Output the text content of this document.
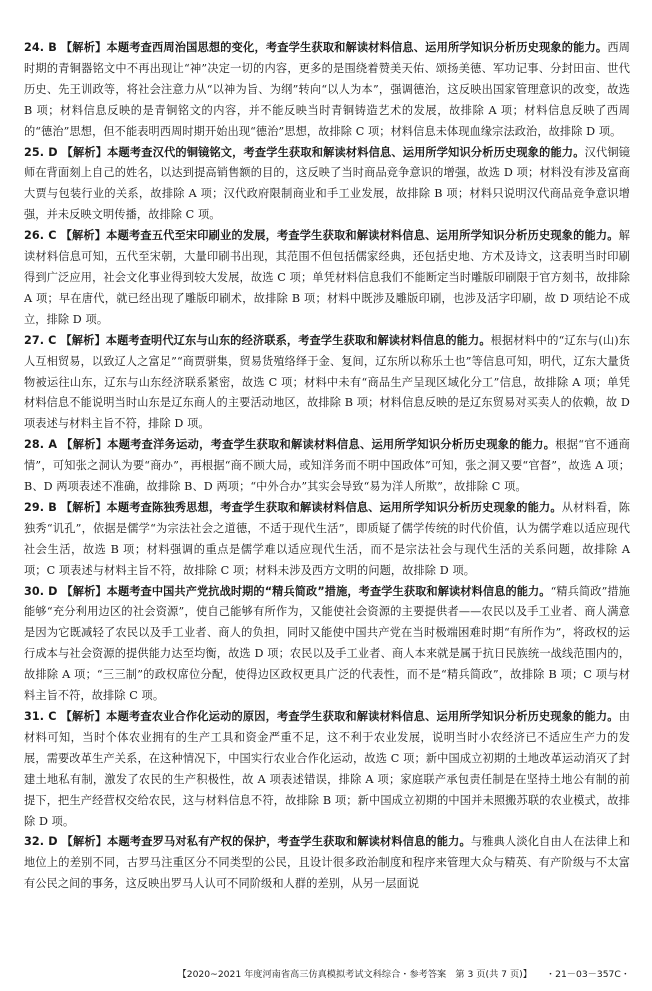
24. B 【解析】本题考查西周治国思想的变化，考查学生获取和解读材料信息、运用所学知识分析历史现象的能力。西周时期的青铜器铭文中不再出现让“神”决定一切的内容，更多的是围绕着赞美天佑、颂扬美德、军功记事、分封田亩、世代历史、先王训政等，将社会注意力从“以神为旨、为纲”转向“以人为本”，强调德治，这反映出国家管理意识的改变，故选 B 项；材料信息反映的是青铜铭文的内容，并不能反映当时青铜铸造艺术的发展，故排除 A 项；材料信息反映了西周的“德治”思想，但不能表明西周时期开始出现“德治”思想，故排除 C 项；材料信息未体现血缘宗法政治，故排除 D 项。
25. D 【解析】本题考查汉代的铜镜铭文，考查学生获取和解读材料信息、运用所学知识分析历史现象的能力。汉代铜镜师在背面刻上自己的姓名，以达到提高销售额的目的，这反映了当时商品竞争意识的增强，故选 D 项；材料没有涉及富商大贾与包装行业的关系，故排除 A 项；汉代政府限制商业和手工业发展，故排除 B 项；材料只说明汉代商品竞争意识增强，并未反映文明传播，故排除 C 项。
26. C 【解析】本题考查五代至宋印刷业的发展，考查学生获取和解读材料信息、运用所学知识分析历史现象的能力。解读材料信息可知，五代至宋朝，大量印刷书出现，其范围不但包括儒家经典，还包括史地、方术及诗文，这表明当时印刷得到广泛应用，社会文化事业得到较大发展，故选 C 项；单凭材料信息我们不能断定当时雕版印刷限于官方刻书，故排除 A 项；早在唐代，就已经出现了雕版印刷术，故排除 B 项；材料中既涉及雕版印刷，也涉及活字印刷，故 D 项结论不成立，排除 D 项。
27. C 【解析】本题考查明代辽东与山东的经济联系，考查学生获取和解读材料信息的能力。根据材料中的“辽东与(山)东人互相贸易，以致辽人之富足”“商贾骈集，贸易货殖络绎于金、复间，辽东所以称乐土也”等信息可知，明代，辽东大量货物被运往山东，辽东与山东经济联系紧密，故选 C 项；材料中未有“商品生产呈现区域化分工”信息，故排除 A 项；单凭材料信息不能说明当时山东是辽东商人的主要活动地区，故排除 B 项；材料信息反映的是辽东贸易对买卖人的依赖，故 D 项表述与材料主旨不符，排除 D 项。
28. A 【解析】本题考查洋务运动，考查学生获取和解读材料信息、运用所学知识分析历史现象的能力。根据“官不通商情”，可知张之洞认为要“商办”，再根据“商不顾大局，或知洋务而不明中国政体”可知，张之洞又要“官督”，故选 A 项；B、D 两项表述不准确，故排除 B、D 两项；“中外合办”其实会导致“易为洋人所欺”，故排除 C 项。
29. B 【解析】本题考查陈独秀思想，考查学生获取和解读材料信息、运用所学知识分析历史现象的能力。从材料看，陈独秀“讥孔”，依据是儒学“为宗法社会之道德，不适于现代生活”，即质疑了儒学传统的时代价值，认为儒学难以适应现代社会生活，故选 B 项；材料强调的重点是儒学难以适应现代生活，而不是宗法社会与现代生活的关系问题，故排除 A 项；C 项表述与材料主旨不符，故排除 C 项；材料未涉及西方文明的问题，故排除 D 项。
30. D 【解析】本题考查中国共产党抗战时期的“精兵简政”措施，考查学生获取和解读材料信息的能力。“精兵简政”措施能够“充分利用边区的社会资源”，使自己能够有所作为，又能使社会资源的主要提供者——农民以及手工业者、商人满意是因为它既减轻了农民以及手工业者、商人的负担，同时又能使中国共产党在当时极端困难时期“有所作为”，将政权的运行成本与社会资源的提供能力达至均衡，故选 D 项；农民以及手工业者、商人本来就是属于抗日民族统一战线范围内的，故排除 A 项；“三三制”的政权席位分配，使得边区政权更具广泛的代表性，而不是“精兵简政”，故排除 B 项；C 项与材料主旨不符，故排除 C 项。
31. C 【解析】本题考查农业合作化运动的原因，考查学生获取和解读材料信息、运用所学知识分析历史现象的能力。由材料可知，当时个体农业拥有的生产工具和资金严重不足，这不利于农业发展，说明当时小农经济已不适应生产力的发展，需要改革生产关系，在这种情况下，中国实行农业合作化运动，故选 C 项；新中国成立初期的土地改革运动消灭了封建土地私有制，激发了农民的生产积极性，故 A 项表述错误，排除 A 项；家庭联产承包责任制是在坚持土地公有制的前提下，把生产经营权交给农民，这与材料信息不符，故排除 B 项；新中国成立初期的中国并未照搬苏联的农业模式，故排除 D 项。
32. D 【解析】本题考查罗马对私有产权的保护，考查学生获取和解读材料信息的能力。与雅典人淡化自由人在法律上和地位上的差别不同，古罗马注重区分不同类型的公民，且设计很多政治制度和程序来管理大众与精英、有产阶级与不太富有公民之间的事务，这反映出罗马人认可不同阶级和人群的差别，从另一层面说
【2020~2021 年度河南省高三仿真模拟考试文科综合・参考答案　第 3 页(共 7 页)】 ・21－03－357C・
